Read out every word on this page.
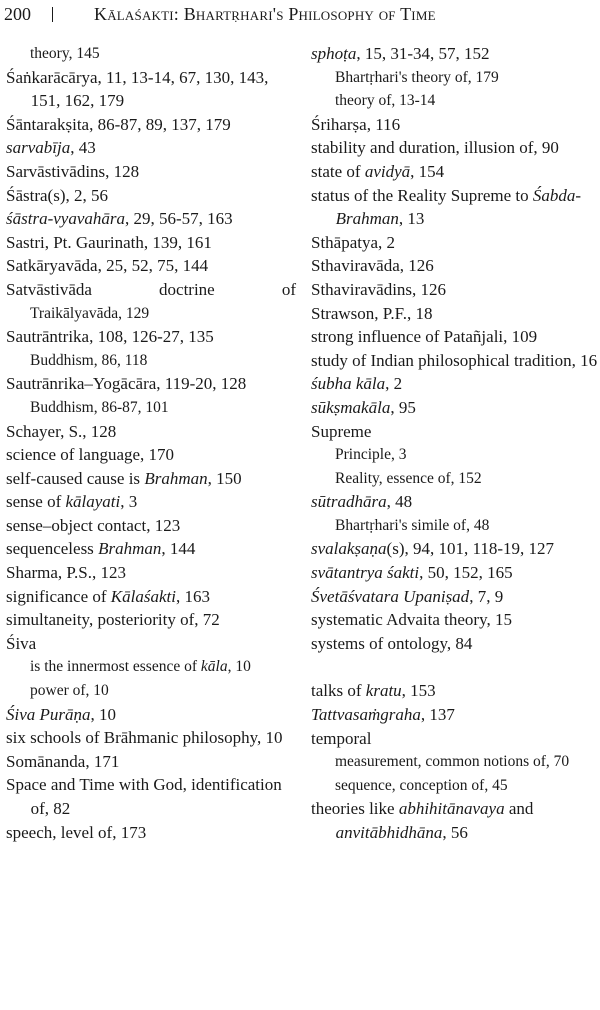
200	Kālaśakti: Bhartṛhari's Philosophy of Time
theory, 145
Śaṅkarācārya, 11, 13-14, 67, 130, 143, 151, 162, 179
Śāntarakṣita, 86-87, 89, 137, 179
sarvabīja, 43
Sarvāstivādins, 128
Śāstra(s), 2, 56
śāstra-vyavahāra, 29, 56-57, 163
Sastri, Pt. Gaurinath, 139, 161
Satkāryavāda, 25, 52, 75, 144
Satvāstivāda doctrine of
Traikālyavāda, 129
Sautrāntrika, 108, 126-27, 135
Buddhism, 86, 118
Sautrānrika–Yogācāra, 119-20, 128
Buddhism, 86-87, 101
Schayer, S., 128
science of language, 170
self-caused cause is Brahman, 150
sense of kālayati, 3
sense–object contact, 123
sequenceless Brahman, 144
Sharma, P.S., 123
significance of Kālaśakti, 163
simultaneity, posteriority of, 72
Śiva
is the innermost essence of kāla, 10
power of, 10
Śiva Purāṇa, 10
six schools of Brāhmanic philosophy, 10
Somānanda, 171
Space and Time with God, identification of, 82
speech, level of, 173
sphoṭa, 15, 31-34, 57, 152
Bhartṛhari's theory of, 179
theory of, 13-14
Śriharṣa, 116
stability and duration, illusion of, 90
state of avidyā, 154
status of the Reality Supreme to Śabda-Brahman, 13
Sthāpatya, 2
Sthaviravāda, 126
Sthaviravādins, 126
Strawson, P.F., 18
strong influence of Patañjali, 109
study of Indian philosophical tradition, 16
śubha kāla, 2
sūkṣmakāla, 95
Supreme
Principle, 3
Reality, essence of, 152
sūtradhāra, 48
Bhartṛhari's simile of, 48
svalakṣaṇa(s), 94, 101, 118-19, 127
svātantrya śakti, 50, 152, 165
Śvetāśvatara Upaniṣad, 7, 9
systematic Advaita theory, 15
systems of ontology, 84
talks of kratu, 153
Tattvasaṁgraha, 137
temporal
measurement, common notions of, 70
sequence, conception of, 45
theories like abhihitānavaya and anvitābhidhāna, 56
